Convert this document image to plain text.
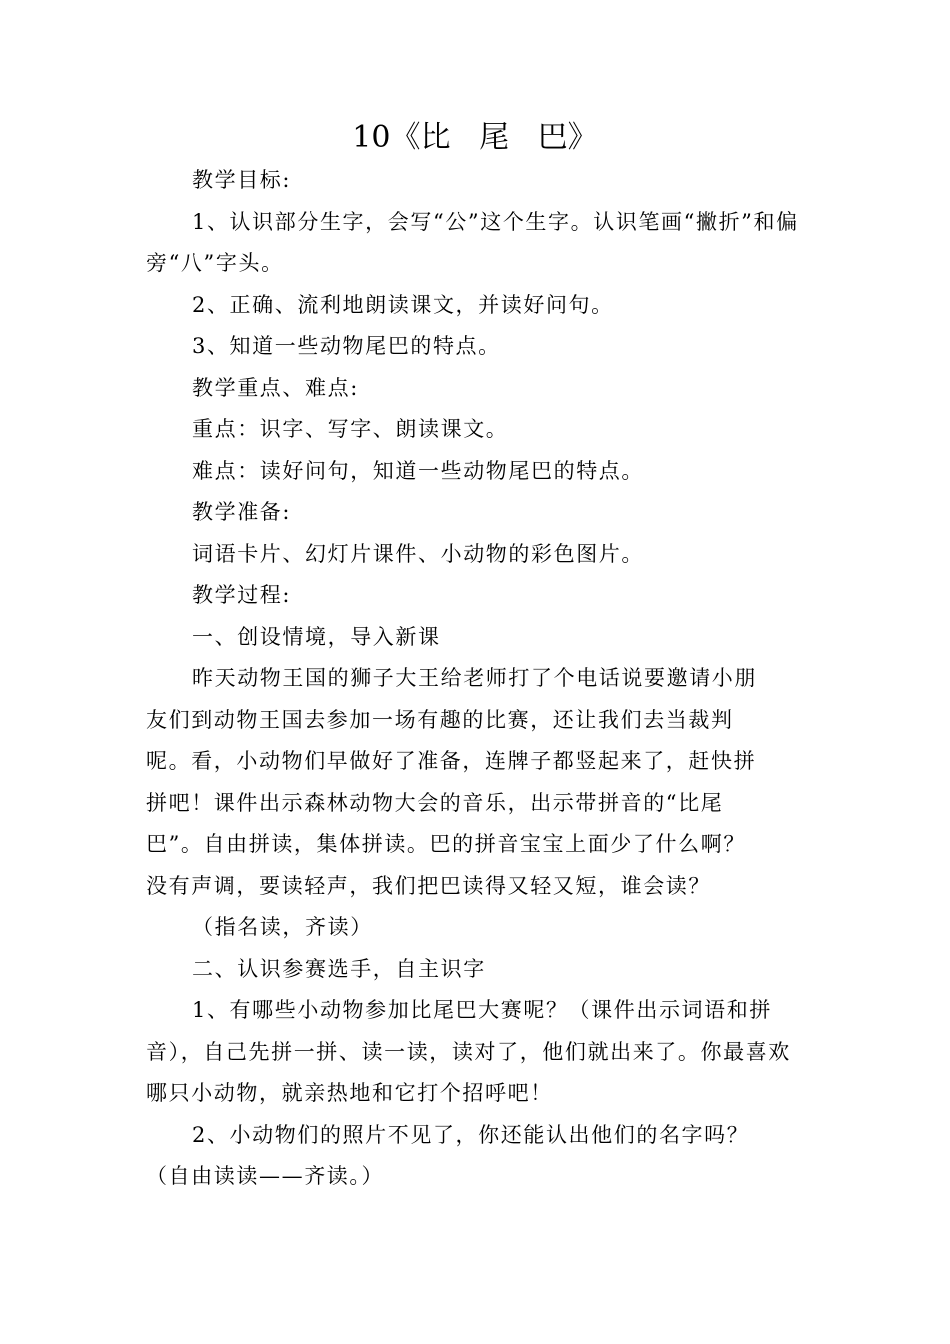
10《比   尾   巴》

教学目标:

1、认识部分生字，会写“公”这个生字。认识笔画“撇折”和偏旁“八”字头。

2、正确、流利地朗读课文，并读好问句。

3、知道一些动物尾巴的特点。

教学重点、难点:

重点：识字、写字、朗读课文。

难点：读好问句，知道一些动物尾巴的特点。

教学准备:

词语卡片、幻灯片课件、小动物的彩色图片。

教学过程:

一、创设情境，导入新课

昨天动物王国的狮子大王给老师打了个电话说要邀请小朋

友们到动物王国去参加一场有趣的比赛，还让我们去当裁判

呢。看，小动物们早做好了准备，连牌子都竖起来了，赶快拼

拼吧！课件出示森林动物大会的音乐，出示带拼音的“比尾

巴”。自由拼读，集体拼读。巴的拼音宝宝上面少了什么啊？

没有声调，要读轻声，我们把巴读得又轻又短，谁会读？

（指名读，齐读）

二、认识参赛选手，自主识字

1、有哪些小动物参加比尾巴大赛呢？（课件出示词语和拼音），自己先拼一拼、读一读，读对了，他们就出来了。你最喜欢哪只小动物，就亲热地和它打个招呼吧！

2、小动物们的照片不见了，你还能认出他们的名字吗？

（自由读读——齐读。）
